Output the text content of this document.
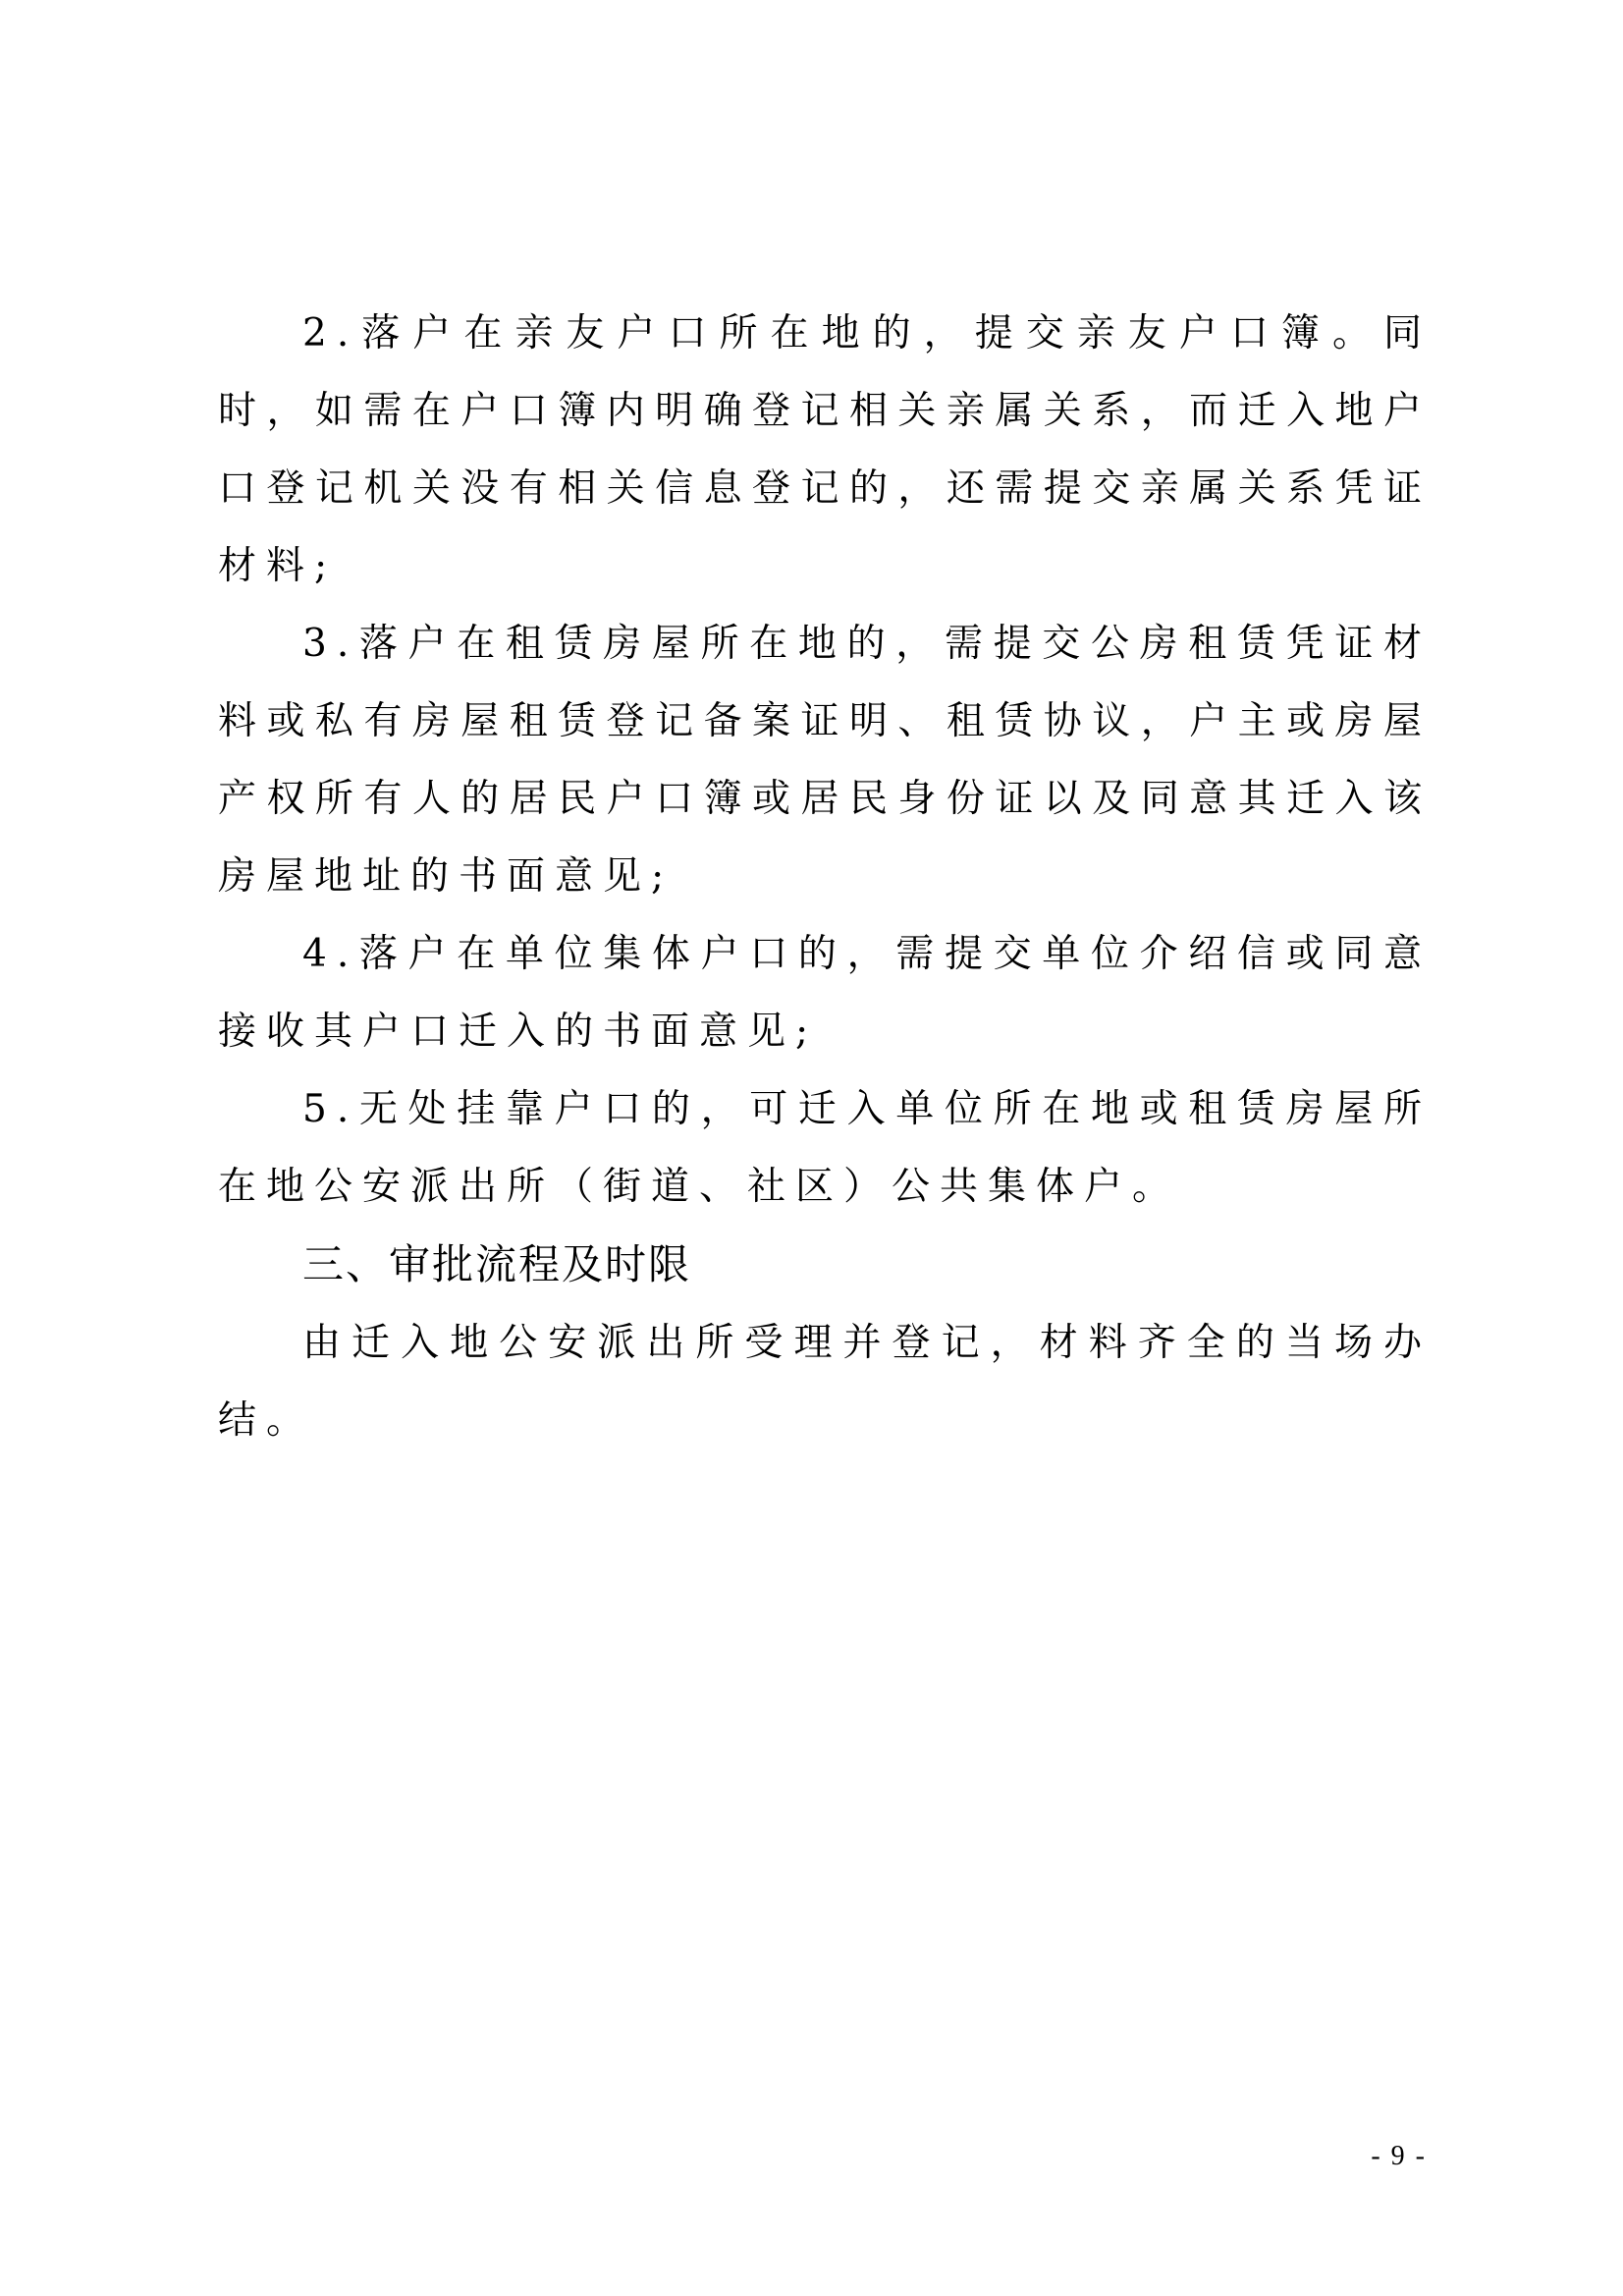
2.落户在亲友户口所在地的，提交亲友户口簿。同时，如需在户口簿内明确登记相关亲属关系，而迁入地户口登记机关没有相关信息登记的，还需提交亲属关系凭证材料;

3.落户在租赁房屋所在地的，需提交公房租赁凭证材料或私有房屋租赁登记备案证明、租赁协议，户主或房屋产权所有人的居民户口簿或居民身份证以及同意其迁入该房屋地址的书面意见;

4.落户在单位集体户口的，需提交单位介绍信或同意接收其户口迁入的书面意见;

5.无处挂靠户口的，可迁入单位所在地或租赁房屋所在地公安派出所（街道、社区）公共集体户。

三、审批流程及时限

由迁入地公安派出所受理并登记，材料齐全的当场办结。

- 9 -
